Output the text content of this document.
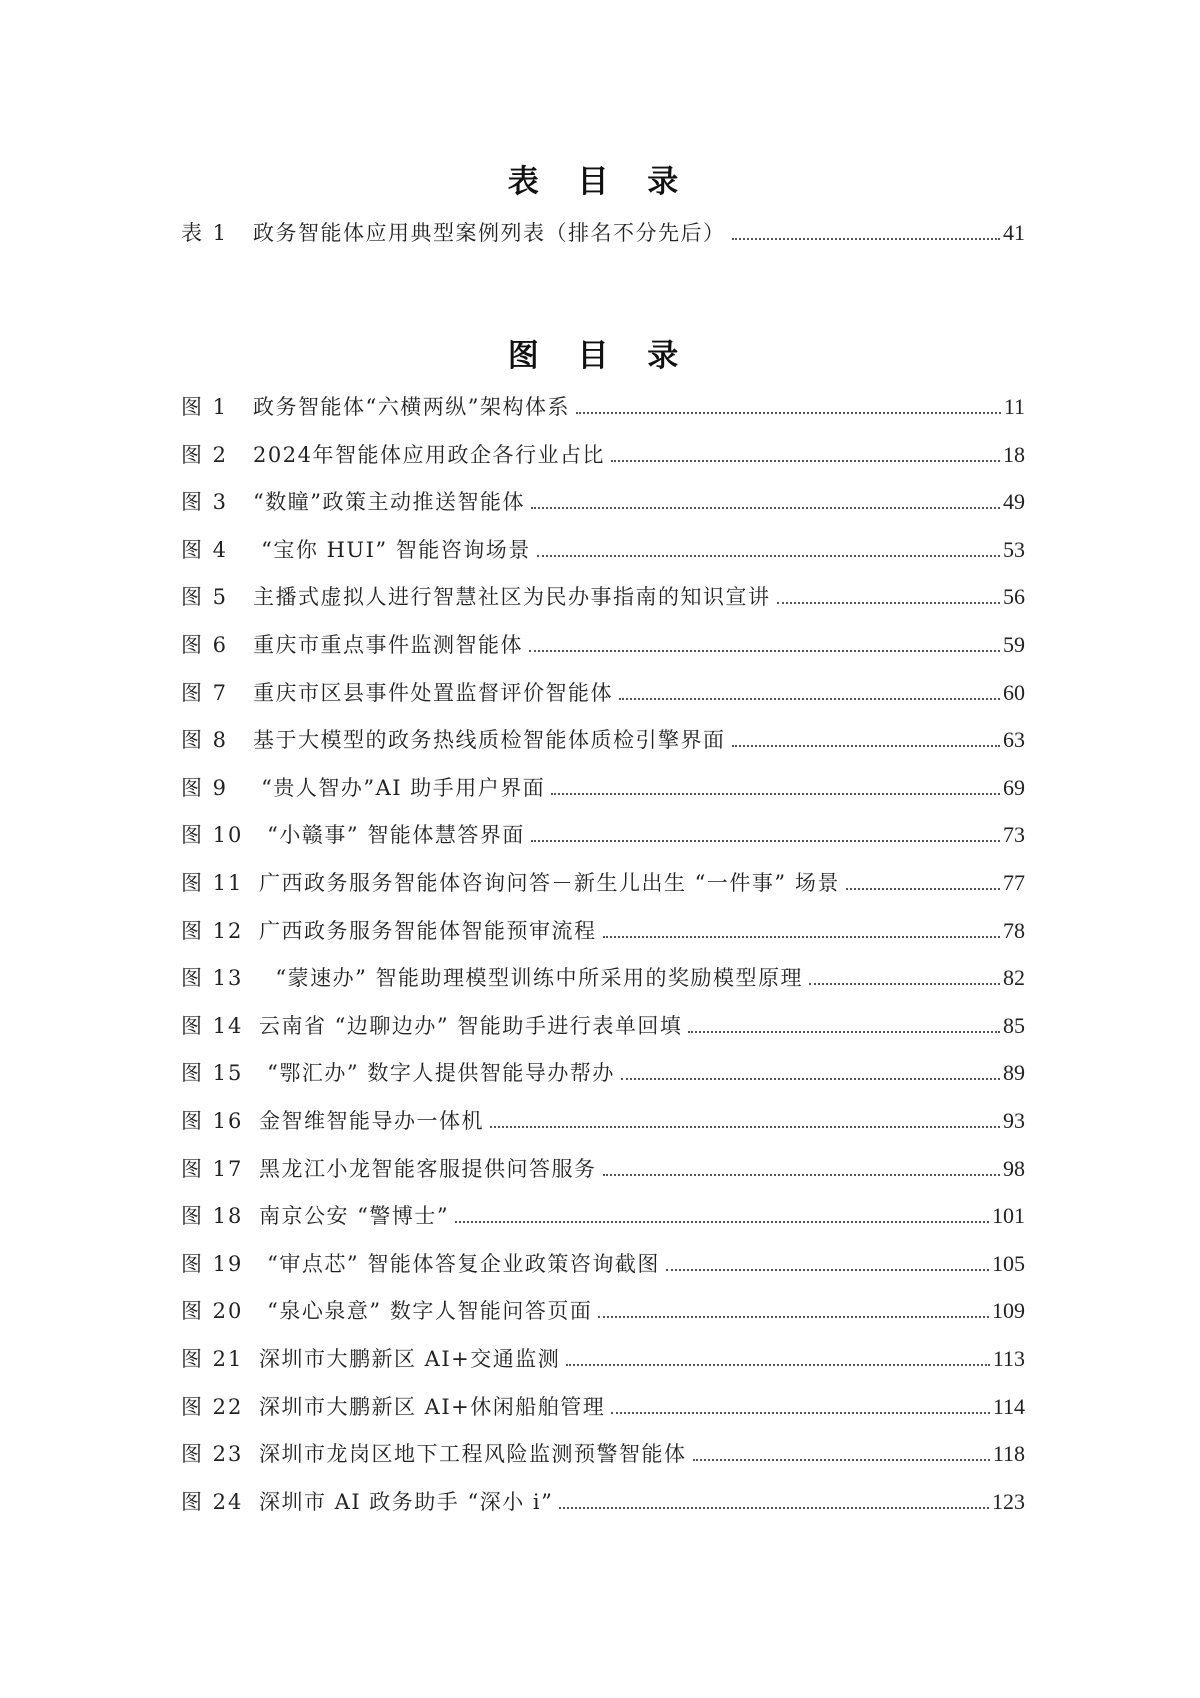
表 目 录
表 1	政务智能体应用典型案例列表（排名不分先后）	41
图 目 录
图 1	政务智能体“六横两纵”架构体系	11
图 2	2024年智能体应用政企各行业占比	18
图 3	“数瞳”政策主动推送智能体	49
图 4	“宝你 HUI” 智能咨询场景	53
图 5	主播式虚拟人进行智慧社区为民办事指南的知识宣讲	56
图 6	重庆市重点事件监测智能体	59
图 7	重庆市区县事件处置监督评价智能体	60
图 8	基于大模型的政务热线质检智能体质检引擎界面	63
图 9	“贵人智办”AI 助手用户界面	69
图 10 “小赣事” 智能体慧答界面	73
图 11 广西政务服务智能体咨询问答－新生儿出生 “一件事” 场景	77
图 12 广西政务服务智能体智能预审流程	78
图 13 “蒙速办” 智能助理模型训练中所采用的奖励模型原理	82
图 14 云南省 “边聊边办” 智能助手进行表单回填	85
图 15 “鄂汇办” 数字人提供智能导办帮办	89
图 16 金智维智能导办一体机	93
图 17 黑龙江小龙智能客服提供问答服务	98
图 18 南京公安 “警博士”	101
图 19 “审点芯” 智能体答复企业政策咨询截图	105
图 20 “泉心泉意” 数字人智能问答页面	109
图 21 深圳市大鹏新区 AI+交通监测	113
图 22 深圳市大鹏新区 AI+休闲船舶管理	114
图 23 深圳市龙岗区地下工程风险监测预警智能体	118
图 24 深圳市 AI 政务助手 “深小 i”	123
